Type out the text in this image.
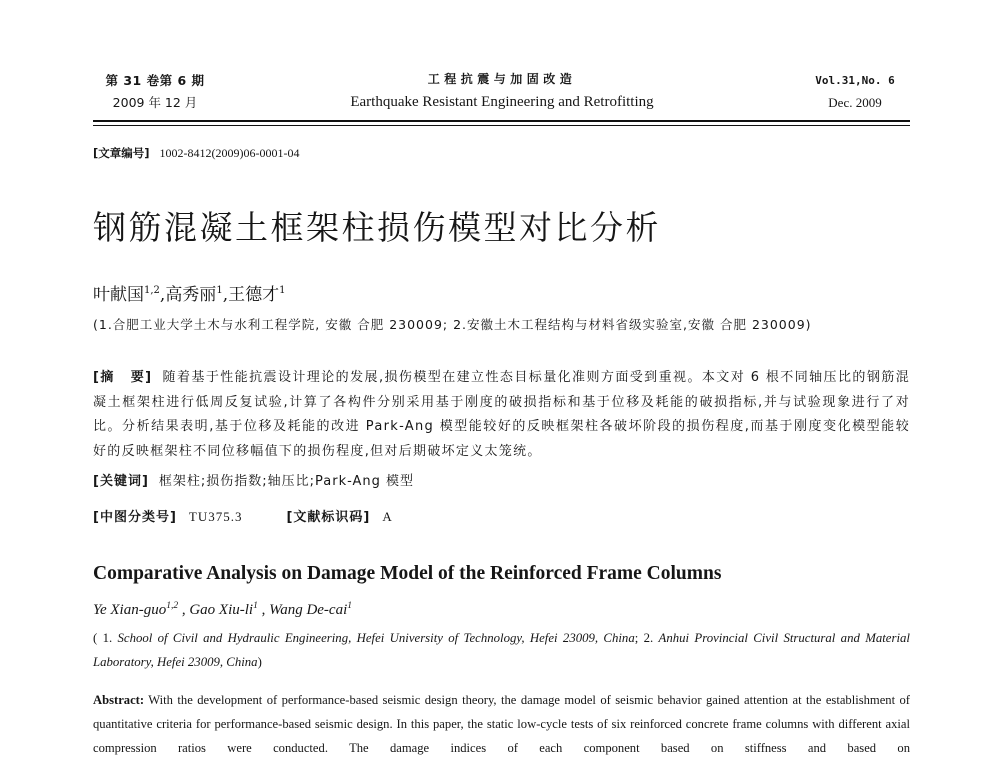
第 31 卷第 6 期
2009 年 12 月
工程抗震与加固改造
Earthquake Resistant Engineering and Retrofitting
Vol.31,No. 6
Dec. 2009
[文章编号] 1002-8412(2009)06-0001-04
钢筋混凝土框架柱损伤模型对比分析
叶献国$^{1,2}$,高秀丽$^1$,王德才$^1$
(1.合肥工业大学土木与水利工程学院, 安徽 合肥 230009; 2.安徽土木工程结构与材料省级实验室,安徽 合肥 230009)
[摘 要] 随着基于性能抗震设计理论的发展,损伤模型在建立性态目标量化准则方面受到重视。本文对 6 根不同轴压比的钢筋混凝土框架柱进行低周反复试验,计算了各构件分别采用基于刚度的破损指标和基于位移及耗能的破损指标,并与试验现象进行了对比。分析结果表明,基于位移及耗能的改进 Park-Ang 模型能较好的反映框架柱各破坏阶段的损伤程度,而基于刚度变化模型能较好的反映框架柱不同位移幅值下的损伤程度,但对后期破坏定义太笼统。
[关键词] 框架柱;损伤指数;轴压比;Park-Ang 模型
[中图分类号] TU375.3	[文献标识码] A
Comparative Analysis on Damage Model of the Reinforced Frame Columns
Ye Xian-guo$^{1,2}$ , Gao Xiu-$li^1$ , Wang De-cai$^1$
( 1. School of Civil and Hydraulic Engineering, Hefei University of Technology, Hefei 23009, China; 2. Anhui Provincial Civil Structural and Material Laboratory, Hefei 23009, China)
Abstract: With the development of performance-based seismic design theory, the damage model of seismic behavior gained attention at the establishment of quantitative criteria for performance-based seismic design. In this paper, the static low-cycle tests of six reinforced concrete frame columns with different axial compression ratios were conducted. The damage indices of each component based on stiffness and based on
